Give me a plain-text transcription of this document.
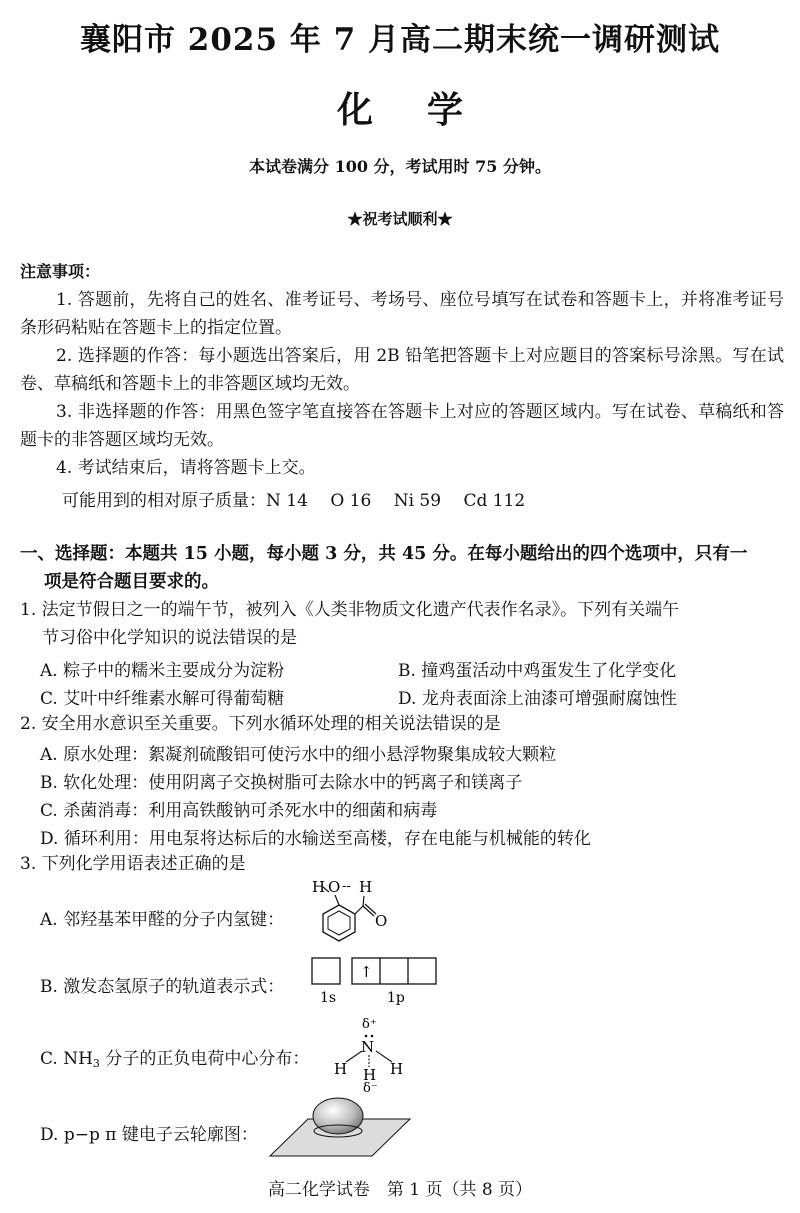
襄阳市 2025 年 7 月高二期末统一调研测试
化学
本试卷满分 100 分，考试用时 75 分钟。
★祝考试顺利★
注意事项：
1. 答题前，先将自己的姓名、准考证号、考场号、座位号填写在试卷和答题卡上，并将准考证号条形码粘贴在答题卡上的指定位置。
2. 选择题的作答：每小题选出答案后，用 2B 铅笔把答题卡上对应题目的答案标号涂黑。写在试卷、草稿纸和答题卡上的非答题区域均无效。
3. 非选择题的作答：用黑色签字笔直接答在答题卡上对应的答题区域内。写在试卷、草稿纸和答题卡的非答题区域均无效。
4. 考试结束后，请将答题卡上交。
可能用到的相对原子质量：N 14　 O 16　 Ni 59　 Cd 112
一、选择题：本题共 15 小题，每小题 3 分，共 45 分。在每小题给出的四个选项中，只有一
项是符合题目要求的。
1. 法定节假日之一的端午节，被列入《人类非物质文化遗产代表作名录》。下列有关端午
节习俗中化学知识的说法错误的是
A. 粽子中的糯米主要成分为淀粉	B. 撞鸡蛋活动中鸡蛋发生了化学变化
C. 艾叶中纤维素水解可得葡萄糖	D. 龙舟表面涂上油漆可增强耐腐蚀性
2. 安全用水意识至关重要。下列水循环处理的相关说法错误的是
A. 原水处理：絮凝剂硫酸铝可使污水中的细小悬浮物聚集成较大颗粒
B. 软化处理：使用阴离子交换树脂可去除水中的钙离子和镁离子
C. 杀菌消毒：利用高铁酸钠可杀死水中的细菌和病毒
D. 循环利用：用电泵将达标后的水输送至高楼，存在电能与机械能的转化
3. 下列化学用语表述正确的是
A. 邻羟基苯甲醛的分子内氢键：
H O -- H
O
B. 激发态氢原子的轨道表示式：
↑
1s	1p
C. $NH_3$ 分子的正负电荷中心分布：
δ⁺
N
H	H
H
δ⁻
D. p−p π 键电子云轮廓图：
高二化学试卷　第 1 页（共 8 页）
